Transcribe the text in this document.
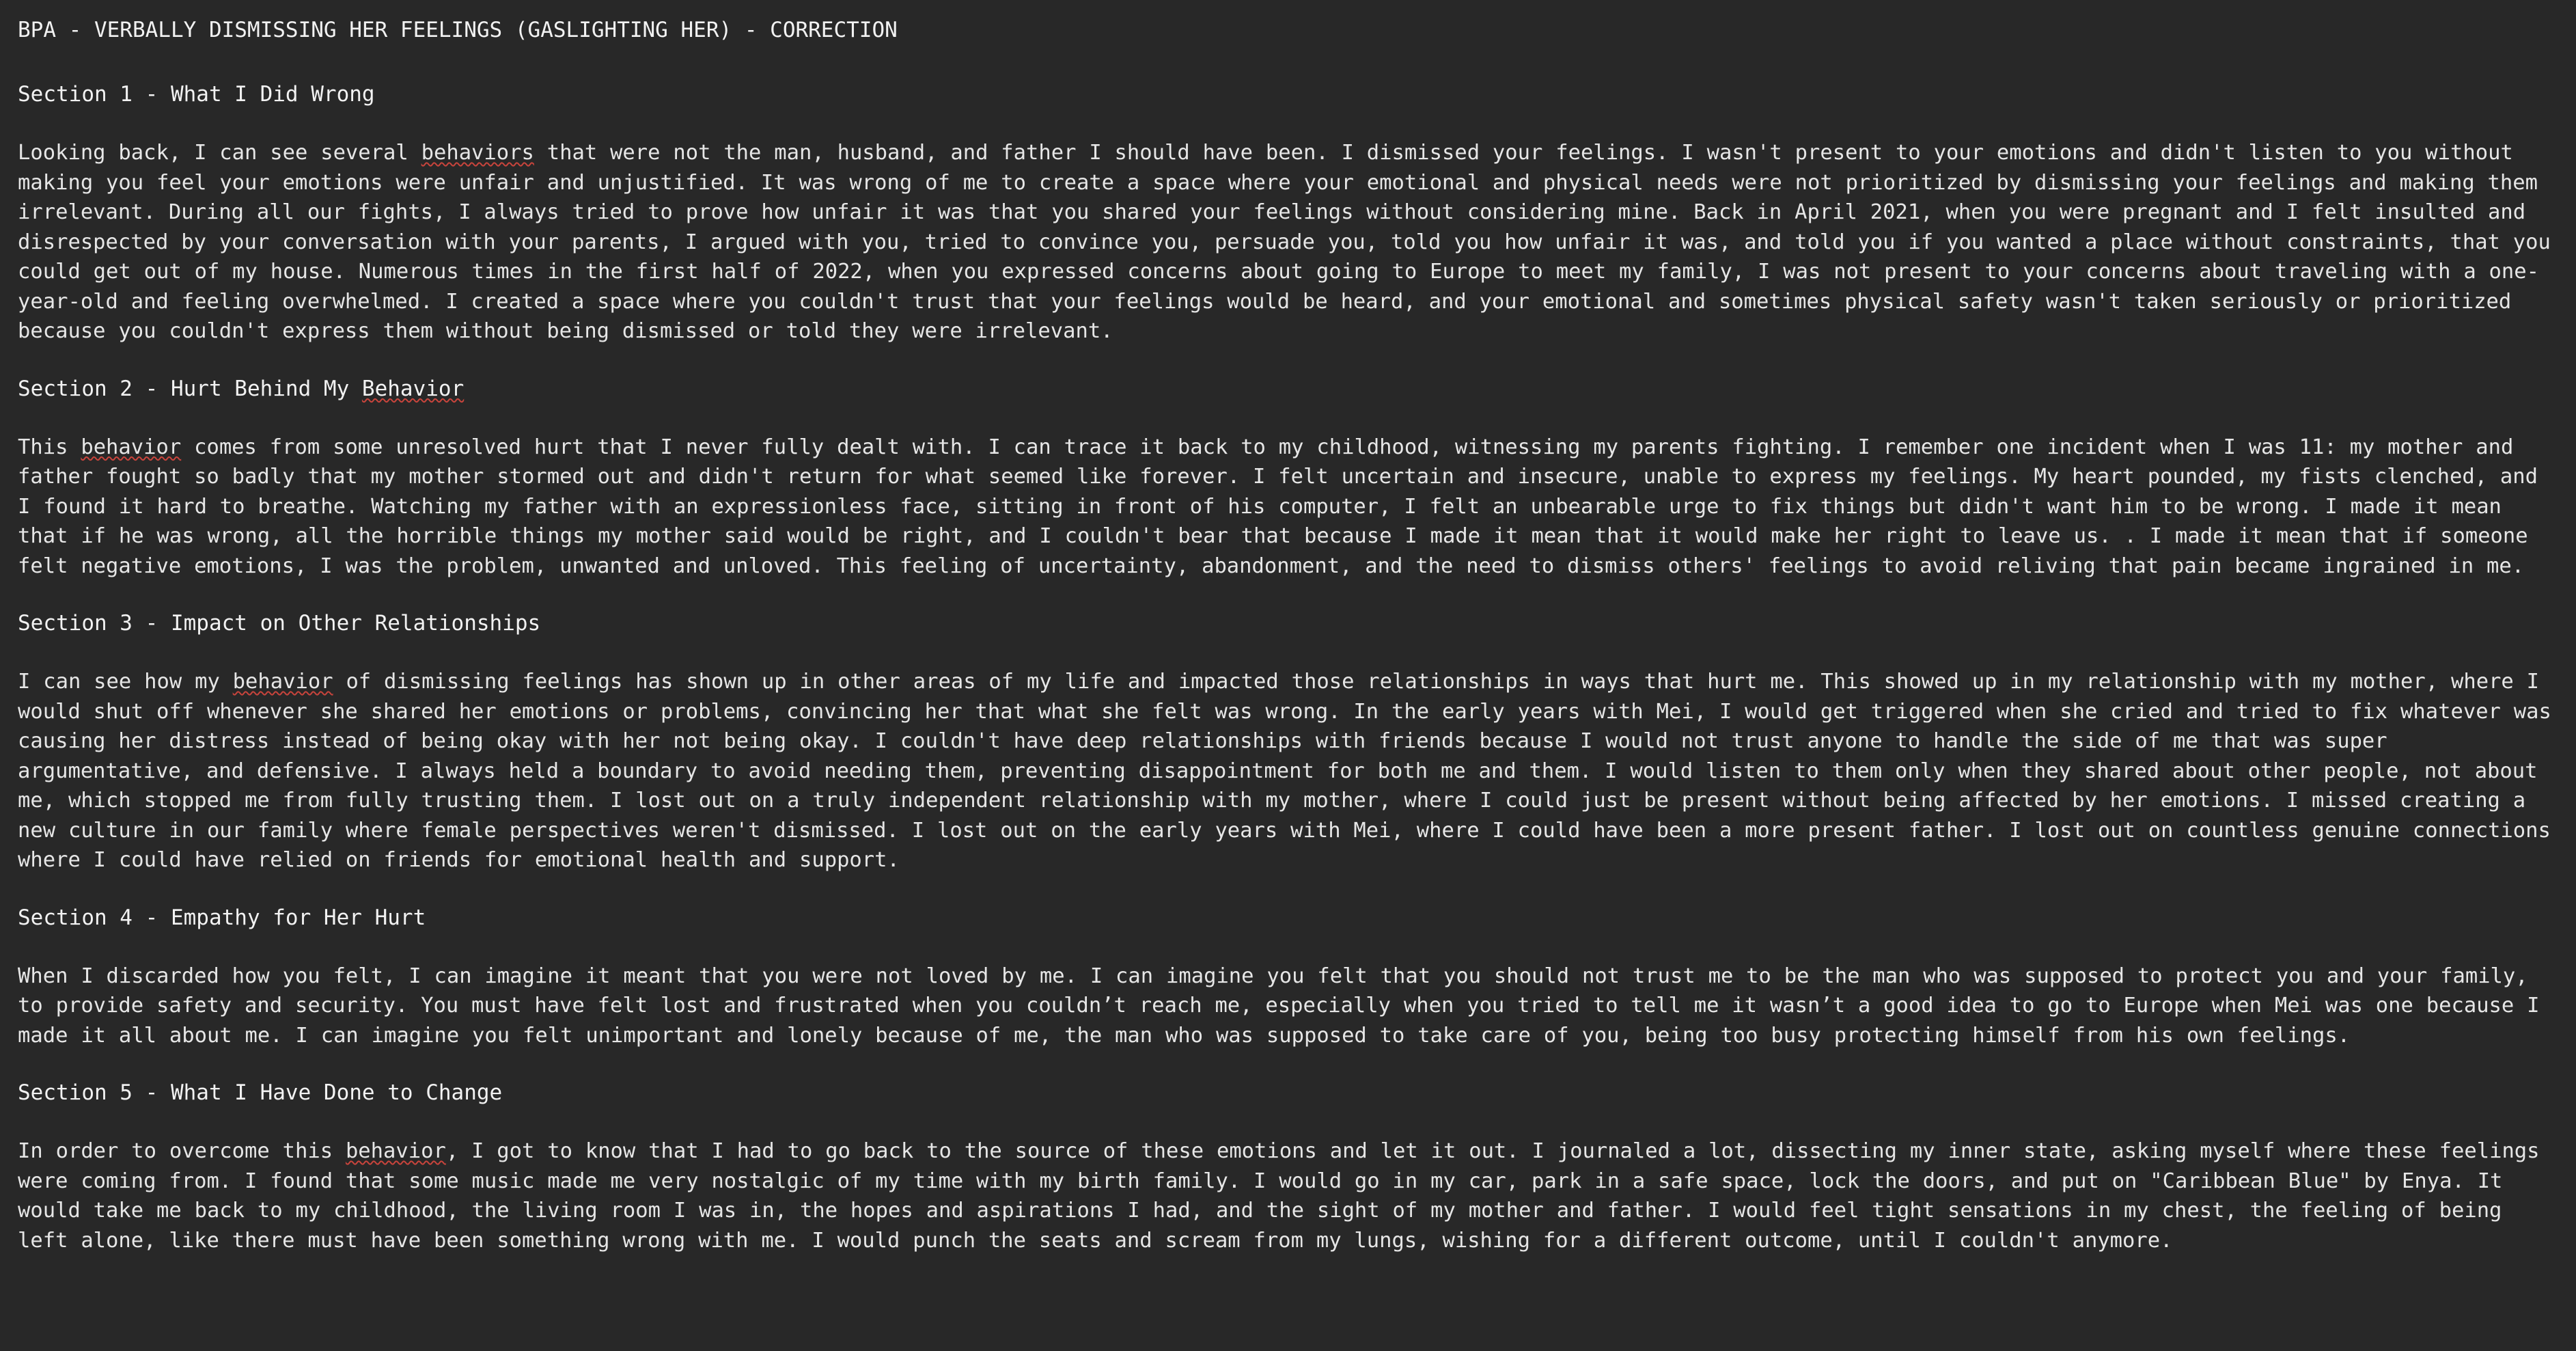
BPA - VERBALLY DISMISSING HER FEELINGS (GASLIGHTING HER) - CORRECTION
Section 1 - What I Did Wrong

Looking back, I can see several behaviors that were not the man, husband, and father I should have been. I dismissed your feelings. I wasn't present to your emotions and didn't listen to you without making you feel your emotions were unfair and unjustified. It was wrong of me to create a space where your emotional and physical needs were not prioritized by dismissing your feelings and making them irrelevant. During all our fights, I always tried to prove how unfair it was that you shared your feelings without considering mine. Back in April 2021, when you were pregnant and I felt insulted and disrespected by your conversation with your parents, I argued with you, tried to convince you, persuade you, told you how unfair it was, and told you if you wanted a place without constraints, that you could get out of my house. Numerous times in the first half of 2022, when you expressed concerns about going to Europe to meet my family, I was not present to your concerns about traveling with a one-year-old and feeling overwhelmed. I created a space where you couldn't trust that your feelings would be heard, and your emotional and sometimes physical safety wasn't taken seriously or prioritized because you couldn't express them without being dismissed or told they were irrelevant.

Section 2 - Hurt Behind My Behavior

This behavior comes from some unresolved hurt that I never fully dealt with. I can trace it back to my childhood, witnessing my parents fighting. I remember one incident when I was 11: my mother and father fought so badly that my mother stormed out and didn't return for what seemed like forever. I felt uncertain and insecure, unable to express my feelings. My heart pounded, my fists clenched, and I found it hard to breathe. Watching my father with an expressionless face, sitting in front of his computer, I felt an unbearable urge to fix things but didn't want him to be wrong. I made it mean that if he was wrong, all the horrible things my mother said would be right, and I couldn't bear that because I made it mean that it would make her right to leave us. . I made it mean that if someone felt negative emotions, I was the problem, unwanted and unloved. This feeling of uncertainty, abandonment, and the need to dismiss others' feelings to avoid reliving that pain became ingrained in me.

Section 3 - Impact on Other Relationships

I can see how my behavior of dismissing feelings has shown up in other areas of my life and impacted those relationships in ways that hurt me. This showed up in my relationship with my mother, where I would shut off whenever she shared her emotions or problems, convincing her that what she felt was wrong. In the early years with Mei, I would get triggered when she cried and tried to fix whatever was causing her distress instead of being okay with her not being okay. I couldn't have deep relationships with friends because I would not trust anyone to handle the side of me that was super argumentative, and defensive. I always held a boundary to avoid needing them, preventing disappointment for both me and them. I would listen to them only when they shared about other people, not about me, which stopped me from fully trusting them. I lost out on a truly independent relationship with my mother, where I could just be present without being affected by her emotions. I missed creating a new culture in our family where female perspectives weren't dismissed. I lost out on the early years with Mei, where I could have been a more present father. I lost out on countless genuine connections where I could have relied on friends for emotional health and support.

Section 4 - Empathy for Her Hurt

When I discarded how you felt, I can imagine it meant that you were not loved by me. I can imagine you felt that you should not trust me to be the man who was supposed to protect you and your family, to provide safety and security. You must have felt lost and frustrated when you couldn’t reach me, especially when you tried to tell me it wasn’t a good idea to go to Europe when Mei was one because I made it all about me. I can imagine you felt unimportant and lonely because of me, the man who was supposed to take care of you, being too busy protecting himself from his own feelings.

Section 5 - What I Have Done to Change

In order to overcome this behavior, I got to know that I had to go back to the source of these emotions and let it out. I journaled a lot, dissecting my inner state, asking myself where these feelings were coming from. I found that some music made me very nostalgic of my time with my birth family. I would go in my car, park in a safe space, lock the doors, and put on "Caribbean Blue" by Enya. It would take me back to my childhood, the living room I was in, the hopes and aspirations I had, and the sight of my mother and father. I would feel tight sensations in my chest, the feeling of being left alone, like there must have been something wrong with me. I would punch the seats and scream from my lungs, wishing for a different outcome, until I couldn't anymore.
